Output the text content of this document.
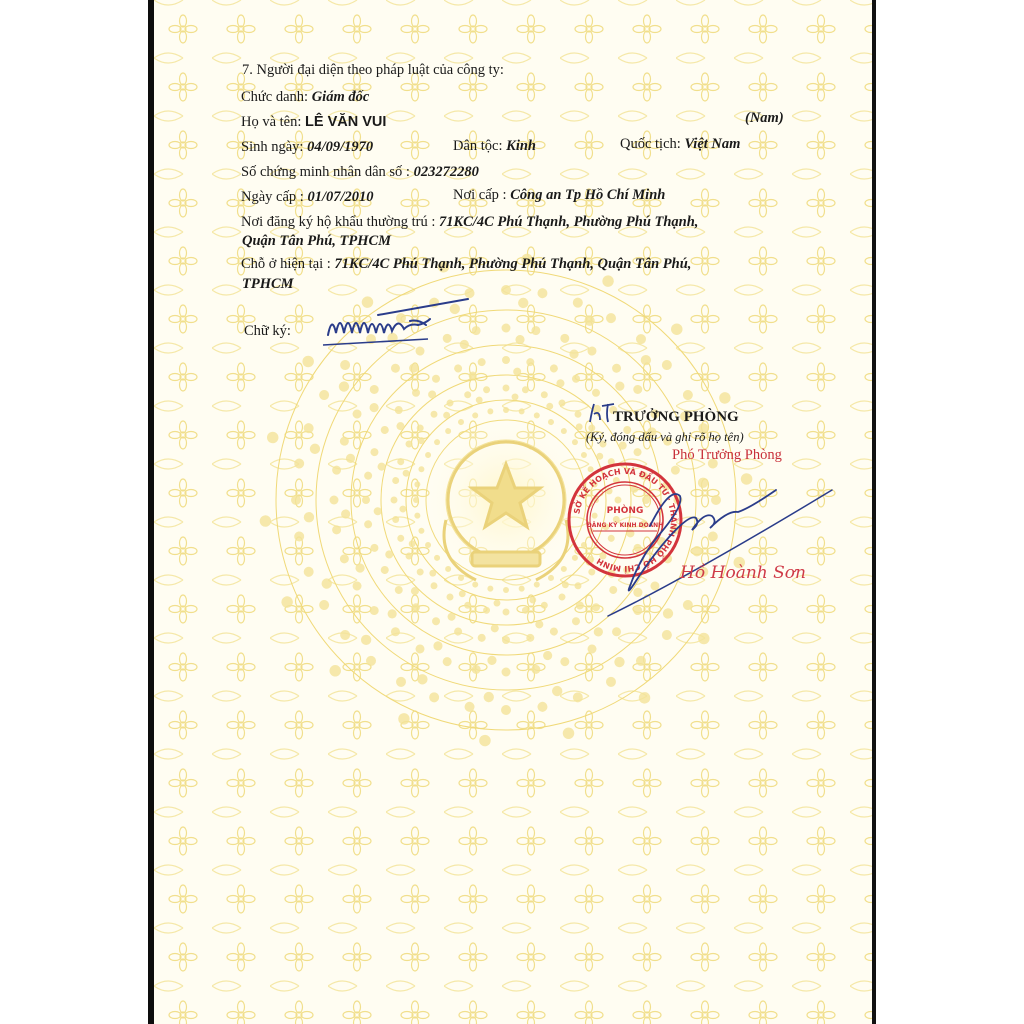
7. Người đại diện theo pháp luật của công ty:
Chức danh: Giám đốc
Họ và tên: LÊ VĂN VUI	(Nam)
Sinh ngày: 04/09/1970	Dân tộc: Kinh	Quốc tịch: Việt Nam
Số chứng minh nhân dân số : 023272280
Ngày cấp : 01/07/2010	Nơi cấp : Công an Tp Hồ Chí Minh
Nơi đăng ký hộ khẩu thường trú : 71KC/4C Phú Thạnh, Phường Phú Thạnh,
Quận Tân Phú, TPHCM
Chỗ ở hiện tại : 71KC/4C Phú Thạnh, Phường Phú Thạnh, Quận Tân Phú,
TPHCM
Chữ ký:
TRƯỞNG PHÒNG
(Ký, đóng dấu và ghi rõ họ tên)
Phó Trưởng Phòng
SỞ KẾ HOẠCH VÀ ĐẦU TƯ · THÀNH PHỐ HỒ CHÍ MINH
PHÒNG
ĐĂNG KÝ KINH DOANH
Hồ Hoành Sơn
